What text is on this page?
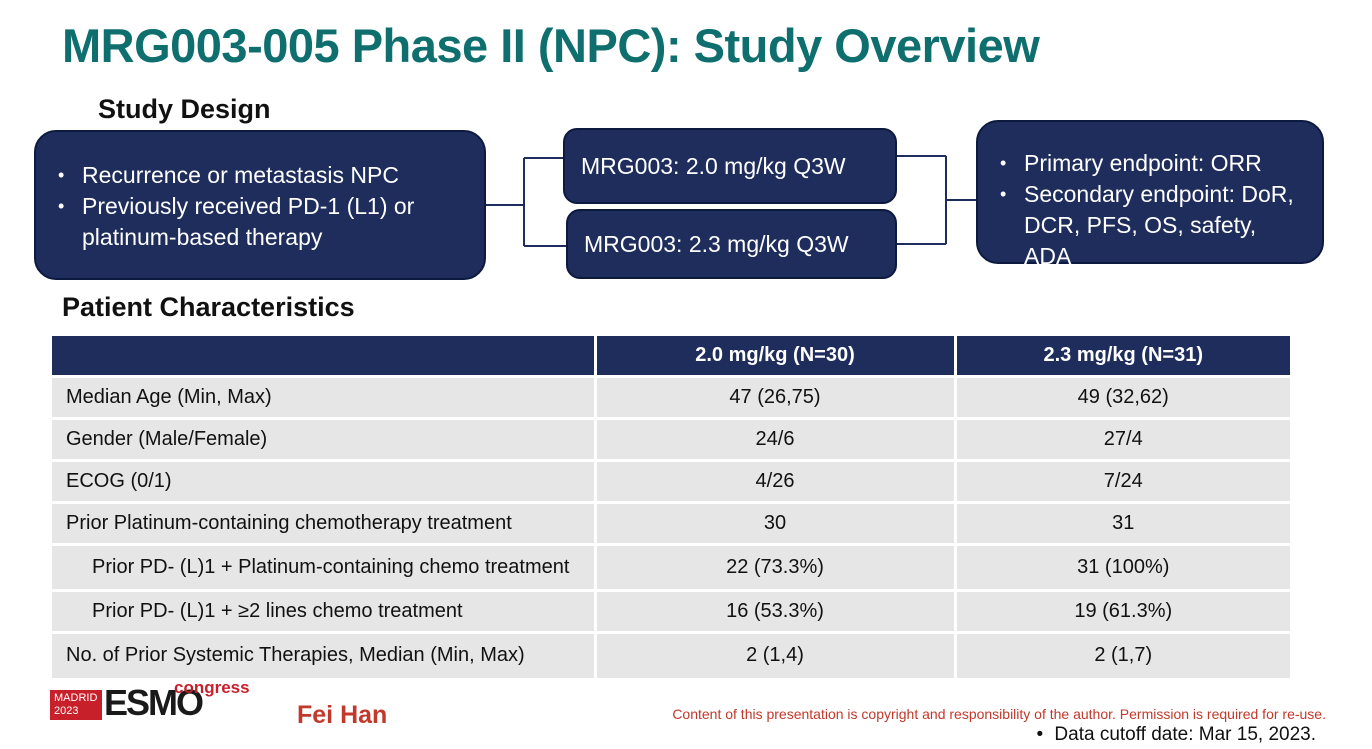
MRG003-005 Phase II (NPC): Study Overview
Study Design
• Recurrence or metastasis NPC
• Previously received PD-1 (L1) or platinum-based therapy
MRG003: 2.0 mg/kg Q3W
MRG003: 2.3 mg/kg Q3W
• Primary endpoint: ORR
• Secondary endpoint: DoR, DCR, PFS, OS, safety, ADA
Patient Characteristics
	2.0 mg/kg (N=30)	2.3 mg/kg (N=31)
Median Age (Min, Max)	47 (26,75)	49 (32,62)
Gender (Male/Female)	24/6	27/4
ECOG (0/1)	4/26	7/24
Prior Platinum-containing chemotherapy treatment	30	31
Prior PD- (L)1 + Platinum-containing chemo treatment	22 (73.3%)	31 (100%)
Prior PD- (L)1 + ≥2 lines chemo treatment	16 (53.3%)	19 (61.3%)
No. of Prior Systemic Therapies, Median (Min, Max)	2 (1,4)	2 (1,7)
MADRID
2023 ESMO
congress
Fei Han	Content of this presentation is copyright and responsibility of the author. Permission is required for re-use.
• Data cutoff date: Mar 15, 2023.
